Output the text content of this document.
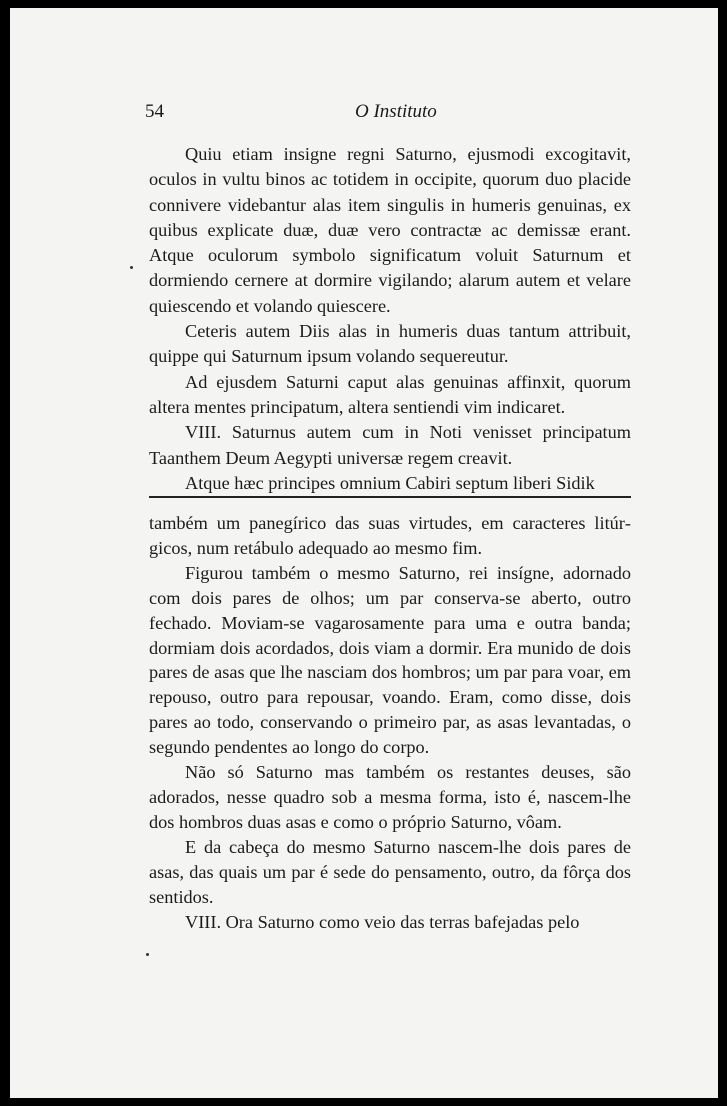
54	O Instituto

Quiu etiam insigne regni Saturno, ejusmodi excogitavit, oculos in vultu binos ac totidem in occipite, quorum duo placide connivere videbantur alas item singulis in humeris genuinas, ex quibus explicate duæ, duæ vero contractæ ac demissæ erant. Atque oculorum symbolo significatum voluit Saturnum et dormiendo cernere at dormire vigilando; alarum autem et velare quiescendo et volando quiescere.

Ceteris autem Diis alas in humeris duas tantum attribuit, quippe qui Saturnum ipsum volando sequereutur.

Ad ejusdem Saturni caput alas genuinas affinxit, quorum altera mentes principatum, altera sentiendi vim indicaret.

VIII. Saturnus autem cum in Noti venisset principatum Taanthem Deum Aegypti universæ regem creavit.

Atque hæc principes omnium Cabiri septum liberi Sidik

também um panegírico das suas virtudes, em caracteres litúrgicos, num retábulo adequado ao mesmo fim.

Figurou também o mesmo Saturno, rei insígne, adornado com dois pares de olhos; um par conserva-se aberto, outro fechado. Moviam-se vagarosamente para uma e outra banda; dormiam dois acordados, dois viam a dormir. Era munido de dois pares de asas que lhe nasciam dos hombros; um par para voar, em repouso, outro para repousar, voando. Eram, como disse, dois pares ao todo, conservando o primeiro par, as asas levantadas, o segundo pendentes ao longo do corpo.

Não só Saturno mas também os restantes deuses, são adorados, nesse quadro sob a mesma forma, isto é, nascem-lhe dos hombros duas asas e como o próprio Saturno, vôam.

E da cabeça do mesmo Saturno nascem-lhe dois pares de asas, das quais um par é sede do pensamento, outro, da fôrça dos sentidos.

VIII. Ora Saturno como veio das terras bafejadas pelo
